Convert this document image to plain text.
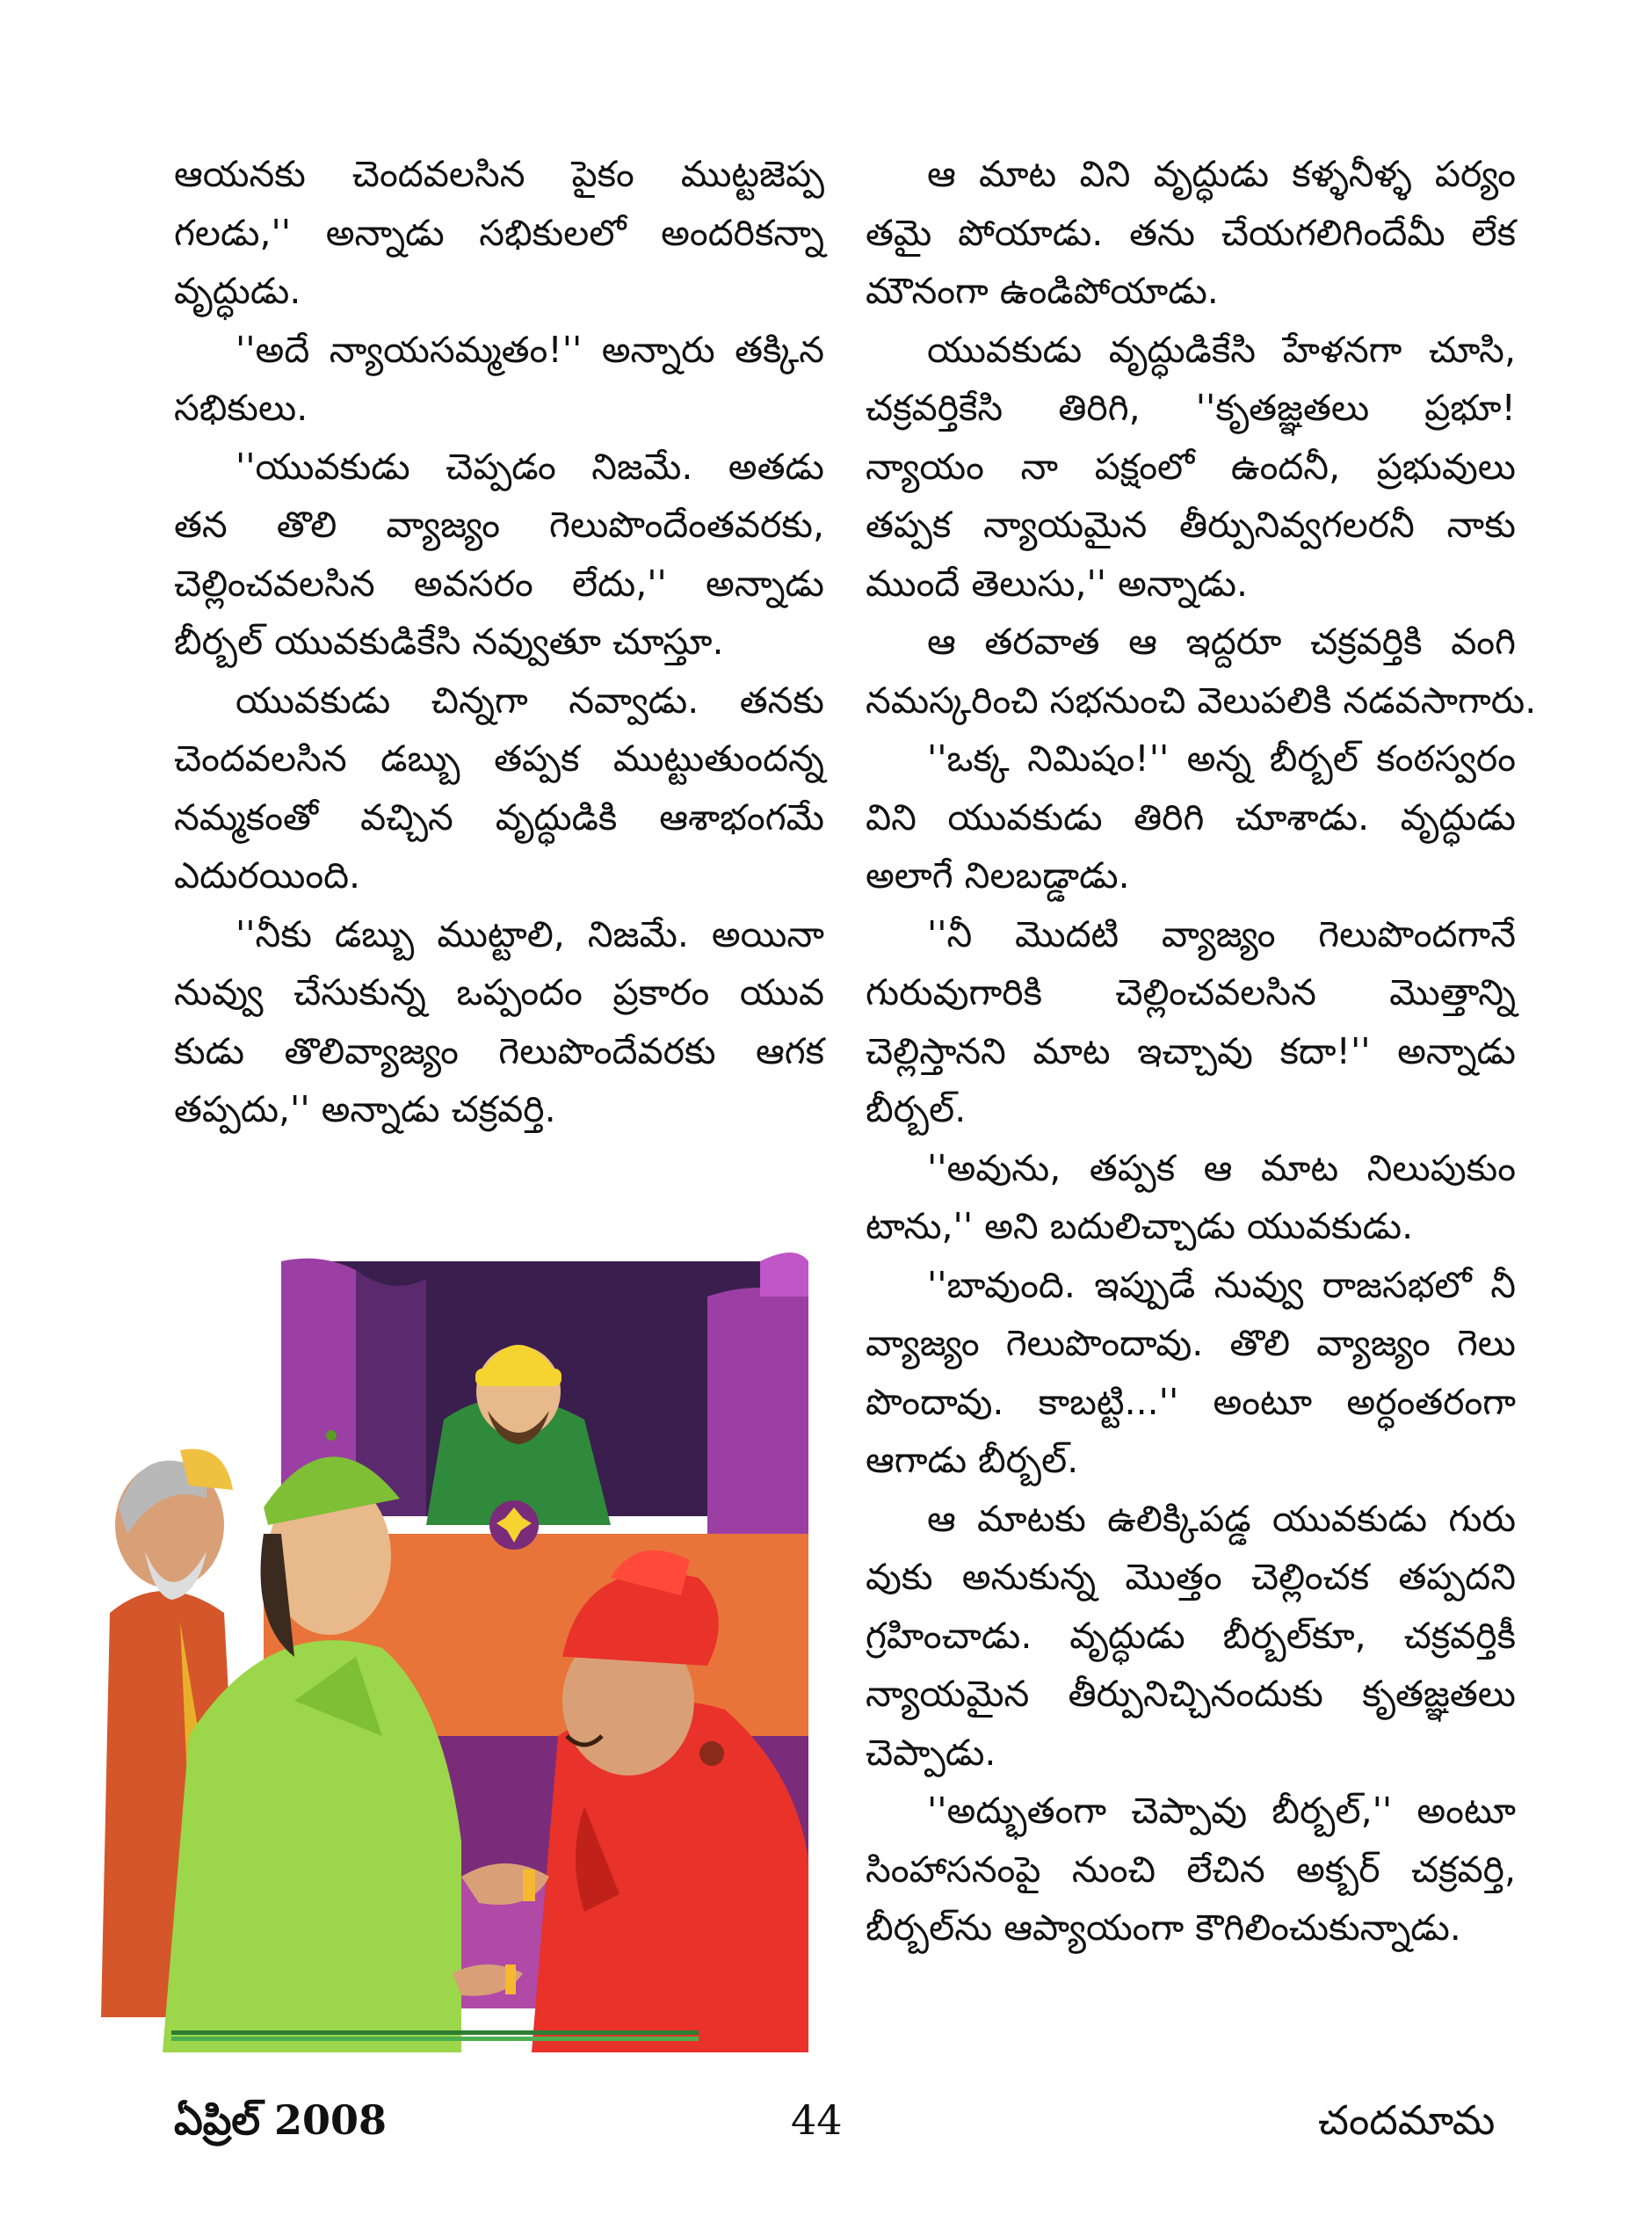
ఆయనకు చెందవలసిన పైకం ముట్టజెప్ప
గలడు,'' అన్నాడు సభికులలో అందరికన్నా
వృద్ధుడు.
''అదే న్యాయసమ్మతం!'' అన్నారు తక్కిన
సభికులు.
''యువకుడు చెప్పడం నిజమే. అతడు
తన తొలి వ్యాజ్యం గెలుపొందేంతవరకు,
చెల్లించవలసిన అవసరం లేదు,'' అన్నాడు
బీర్బల్ యువకుడికేసి నవ్వుతూ చూస్తూ.
యువకుడు చిన్నగా నవ్వాడు. తనకు
చెందవలసిన డబ్బు తప్పక ముట్టుతుందన్న
నమ్మకంతో వచ్చిన వృద్ధుడికి ఆశాభంగమే
ఎదురయింది.
''నీకు డబ్బు ముట్టాలి, నిజమే. అయినా
నువ్వు చేసుకున్న ఒప్పందం ప్రకారం యువ
కుడు తొలివ్యాజ్యం గెలుపొందేవరకు ఆగక
తప్పదు,'' అన్నాడు చక్రవర్తి.
ఆ మాట విని వృద్ధుడు కళ్ళనీళ్ళ పర్యం
తమై పోయాడు. తను చేయగలిగిందేమీ లేక
మౌనంగా ఉండిపోయాడు.
యువకుడు వృద్ధుడికేసి హేళనగా చూసి,
చక్రవర్తికేసి తిరిగి, ''కృతజ్ఞతలు ప్రభూ!
న్యాయం నా పక్షంలో ఉందనీ, ప్రభువులు
తప్పక న్యాయమైన తీర్పునివ్వగలరనీ నాకు
ముందే తెలుసు,'' అన్నాడు.
ఆ తరవాత ఆ ఇద్దరూ చక్రవర్తికి వంగి
నమస్కరించి సభనుంచి వెలుపలికి నడవసాగారు.
''ఒక్క నిమిషం!'' అన్న బీర్బల్ కంఠస్వరం
విని యువకుడు తిరిగి చూశాడు. వృద్ధుడు
అలాగే నిలబడ్డాడు.
''నీ మొదటి వ్యాజ్యం గెలుపొందగానే
గురువుగారికి చెల్లించవలసిన మొత్తాన్ని
చెల్లిస్తానని మాట ఇచ్చావు కదా!'' అన్నాడు
బీర్బల్.
''అవును, తప్పక ఆ మాట నిలుపుకుం
టాను,'' అని బదులిచ్చాడు యువకుడు.
''బావుంది. ఇప్పుడే నువ్వు రాజసభలో నీ
వ్యాజ్యం గెలుపొందావు. తొలి వ్యాజ్యం గెలు
పొందావు. కాబట్టి...'' అంటూ అర్ధంతరంగా
ఆగాడు బీర్బల్.
ఆ మాటకు ఉలిక్కిపడ్డ యువకుడు గురు
వుకు అనుకున్న మొత్తం చెల్లించక తప్పదని
గ్రహించాడు. వృద్ధుడు బీర్బల్‌కూ, చక్రవర్తికీ
న్యాయమైన తీర్పునిచ్చినందుకు కృతజ్ఞతలు
చెప్పాడు.
''అద్భుతంగా చెప్పావు బీర్బల్,'' అంటూ
సింహాసనంపై నుంచి లేచిన అక్బర్ చక్రవర్తి,
బీర్బల్‌ను ఆప్యాయంగా కౌగిలించుకున్నాడు.
ఏప్రిల్ 2008	44	చందమామ
